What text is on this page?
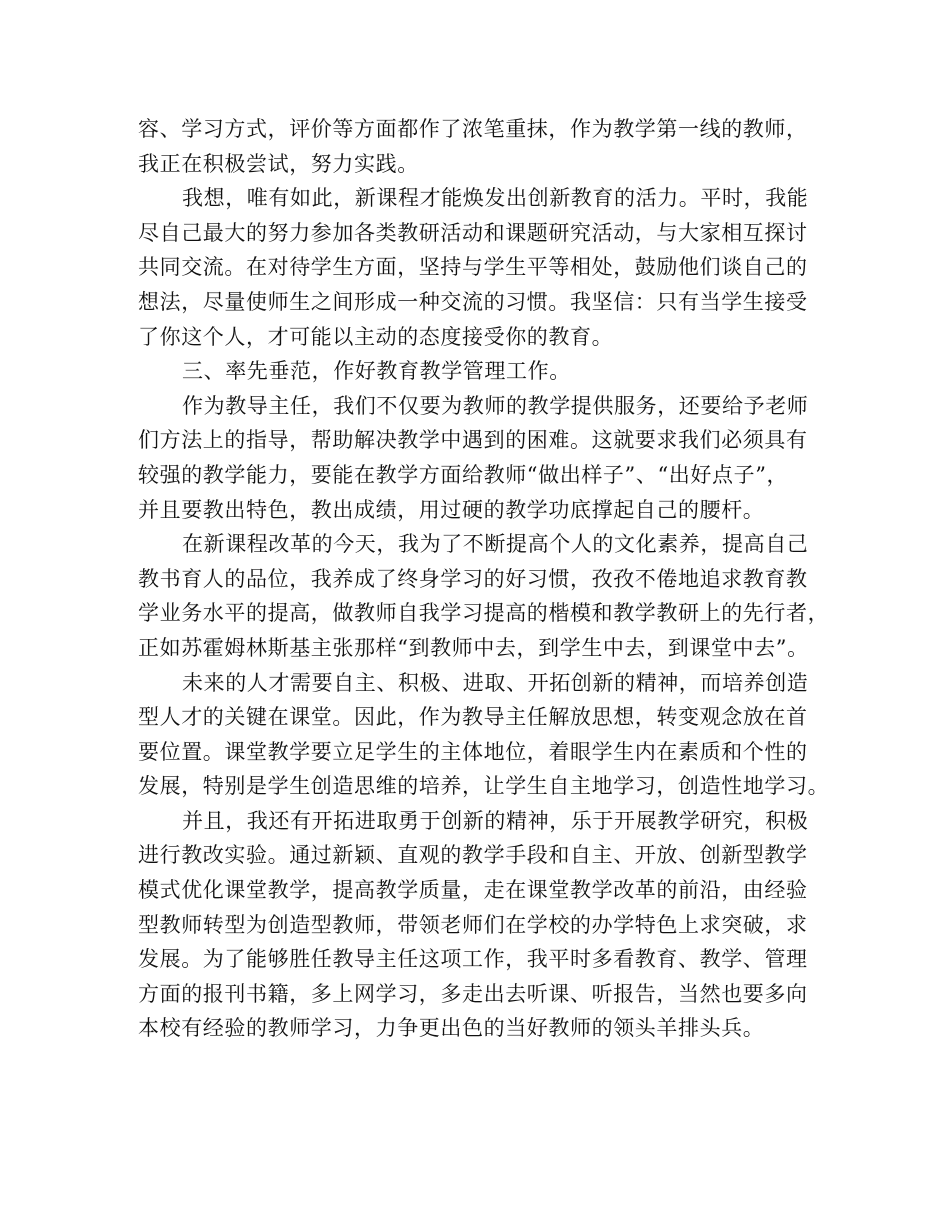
容、学习方式，评价等方面都作了浓笔重抹，作为教学第一线的教师，
我正在积极尝试，努力实践。
我想，唯有如此，新课程才能焕发出创新教育的活力。平时，我能
尽自己最大的努力参加各类教研活动和课题研究活动，与大家相互探讨
共同交流。在对待学生方面，坚持与学生平等相处，鼓励他们谈自己的
想法，尽量使师生之间形成一种交流的习惯。我坚信：只有当学生接受
了你这个人，才可能以主动的态度接受你的教育。
三、率先垂范，作好教育教学管理工作。
作为教导主任，我们不仅要为教师的教学提供服务，还要给予老师
们方法上的指导，帮助解决教学中遇到的困难。这就要求我们必须具有
较强的教学能力，要能在教学方面给教师“做出样子”、“出好点子”，
并且要教出特色，教出成绩，用过硬的教学功底撑起自己的腰杆。
在新课程改革的今天，我为了不断提高个人的文化素养，提高自己
教书育人的品位，我养成了终身学习的好习惯，孜孜不倦地追求教育教
学业务水平的提高，做教师自我学习提高的楷模和教学教研上的先行者，
正如苏霍姆林斯基主张那样“到教师中去，到学生中去，到课堂中去”。
未来的人才需要自主、积极、进取、开拓创新的精神，而培养创造
型人才的关键在课堂。因此，作为教导主任解放思想，转变观念放在首
要位置。课堂教学要立足学生的主体地位，着眼学生内在素质和个性的
发展，特别是学生创造思维的培养，让学生自主地学习，创造性地学习。
并且，我还有开拓进取勇于创新的精神，乐于开展教学研究，积极
进行教改实验。通过新颖、直观的教学手段和自主、开放、创新型教学
模式优化课堂教学，提高教学质量，走在课堂教学改革的前沿，由经验
型教师转型为创造型教师，带领老师们在学校的办学特色上求突破，求
发展。为了能够胜任教导主任这项工作，我平时多看教育、教学、管理
方面的报刊书籍，多上网学习，多走出去听课、听报告，当然也要多向
本校有经验的教师学习，力争更出色的当好教师的领头羊排头兵。
